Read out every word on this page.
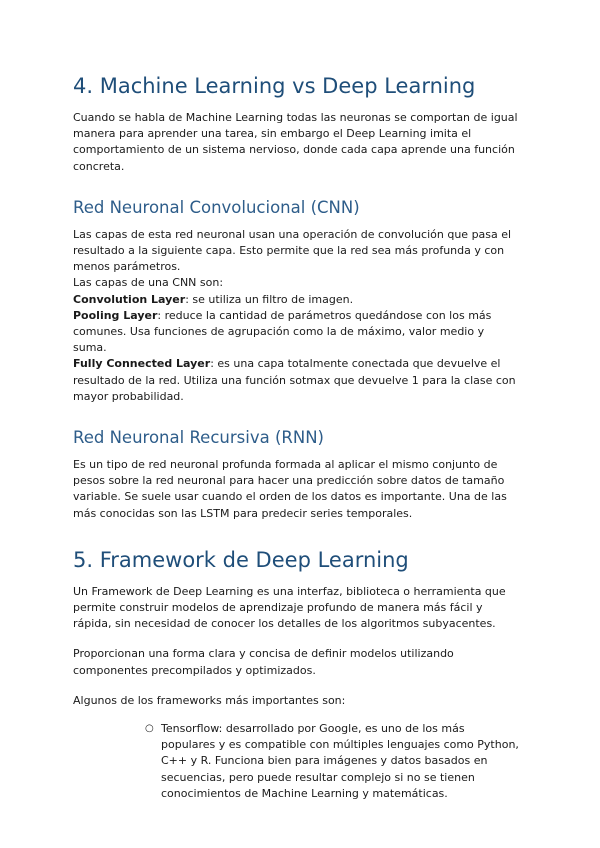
4. Machine Learning vs Deep Learning

Cuando se habla de Machine Learning todas las neuronas se comportan de igual manera para aprender una tarea, sin embargo el Deep Learning imita el comportamiento de un sistema nervioso, donde cada capa aprende una función concreta.

Red Neuronal Convolucional (CNN)

Las capas de esta red neuronal usan una operación de convolución que pasa el resultado a la siguiente capa. Esto permite que la red sea más profunda y con menos parámetros.

Las capas de una CNN son:

Convolution Layer: se utiliza un filtro de imagen.

Pooling Layer: reduce la cantidad de parámetros quedándose con los más comunes. Usa funciones de agrupación como la de máximo, valor medio y suma.

Fully Connected Layer: es una capa totalmente conectada que devuelve el resultado de la red. Utiliza una función sotmax que devuelve 1 para la clase con mayor probabilidad.

Red Neuronal Recursiva (RNN)

Es un tipo de red neuronal profunda formada al aplicar el mismo conjunto de pesos sobre la red neuronal para hacer una predicción sobre datos de tamaño variable. Se suele usar cuando el orden de los datos es importante. Una de las más conocidas son las LSTM para predecir series temporales.

5. Framework de Deep Learning

Un Framework de Deep Learning es una interfaz, biblioteca o herramienta que permite construir modelos de aprendizaje profundo de manera más fácil y rápida, sin necesidad de conocer los detalles de los algoritmos subyacentes.

Proporcionan una forma clara y concisa de definir modelos utilizando componentes precompilados y optimizados.

Algunos de los frameworks más importantes son:

○ Tensorflow: desarrollado por Google, es uno de los más populares y es compatible con múltiples lenguajes como Python, C++ y R. Funciona bien para imágenes y datos basados en secuencias, pero puede resultar complejo si no se tienen conocimientos de Machine Learning y matemáticas.
